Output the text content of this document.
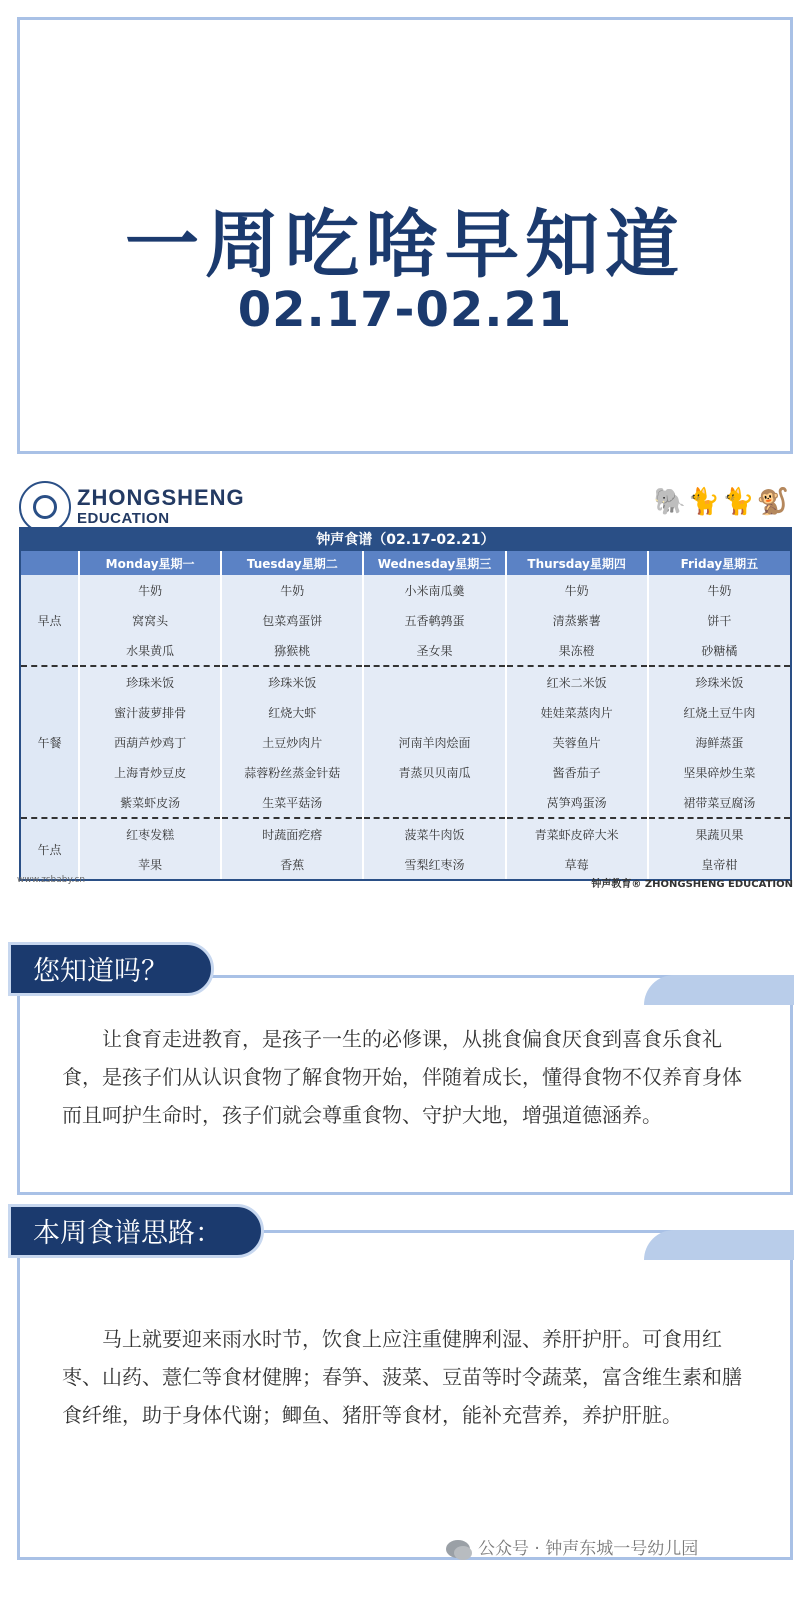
一周吃啥早知道
02.17-02.21
ZHONGSHENG
EDUCATION
🐘🐈🐈🐒
钟声食谱（02.17-02.21）
	Monday星期一	Tuesday星期二	Wednesday星期三	Thursday星期四	Friday星期五
早点	牛奶	牛奶	小米南瓜羹	牛奶	牛奶
	窝窝头	包菜鸡蛋饼	五香鹌鹑蛋	清蒸紫薯	饼干
	水果黄瓜	猕猴桃	圣女果	果冻橙	砂糖橘
午餐	珍珠米饭	珍珠米饭		红米二米饭	珍珠米饭
	蜜汁菠萝排骨	红烧大虾		娃娃菜蒸肉片	红烧土豆牛肉
	西葫芦炒鸡丁	土豆炒肉片	河南羊肉烩面	芙蓉鱼片	海鲜蒸蛋
	上海青炒豆皮	蒜蓉粉丝蒸金针菇	青蒸贝贝南瓜	酱香茄子	坚果碎炒生菜
	紫菜虾皮汤	生菜平菇汤		莴笋鸡蛋汤	裙带菜豆腐汤
午点	红枣发糕	时蔬面疙瘩	菠菜牛肉饭	青菜虾皮碎大米	果蔬贝果
	苹果	香蕉	雪梨红枣汤	草莓	皇帝柑
www.zsbaby.cn	钟声教育® ZHONGSHENG EDUCATION
您知道吗？
让食育走进教育，是孩子一生的必修课，从挑食偏食厌食到喜食乐食礼食，是孩子们从认识食物了解食物开始，伴随着成长，懂得食物不仅养育身体而且呵护生命时，孩子们就会尊重食物、守护大地，增强道德涵养。
本周食谱思路：
马上就要迎来雨水时节，饮食上应注重健脾利湿、养肝护肝。可食用红枣、山药、薏仁等食材健脾；春笋、菠菜、豆苗等时令蔬菜，富含维生素和膳食纤维，助于身体代谢；鲫鱼、猪肝等食材，能补充营养，养护肝脏。
公众号 · 钟声东城一号幼儿园
